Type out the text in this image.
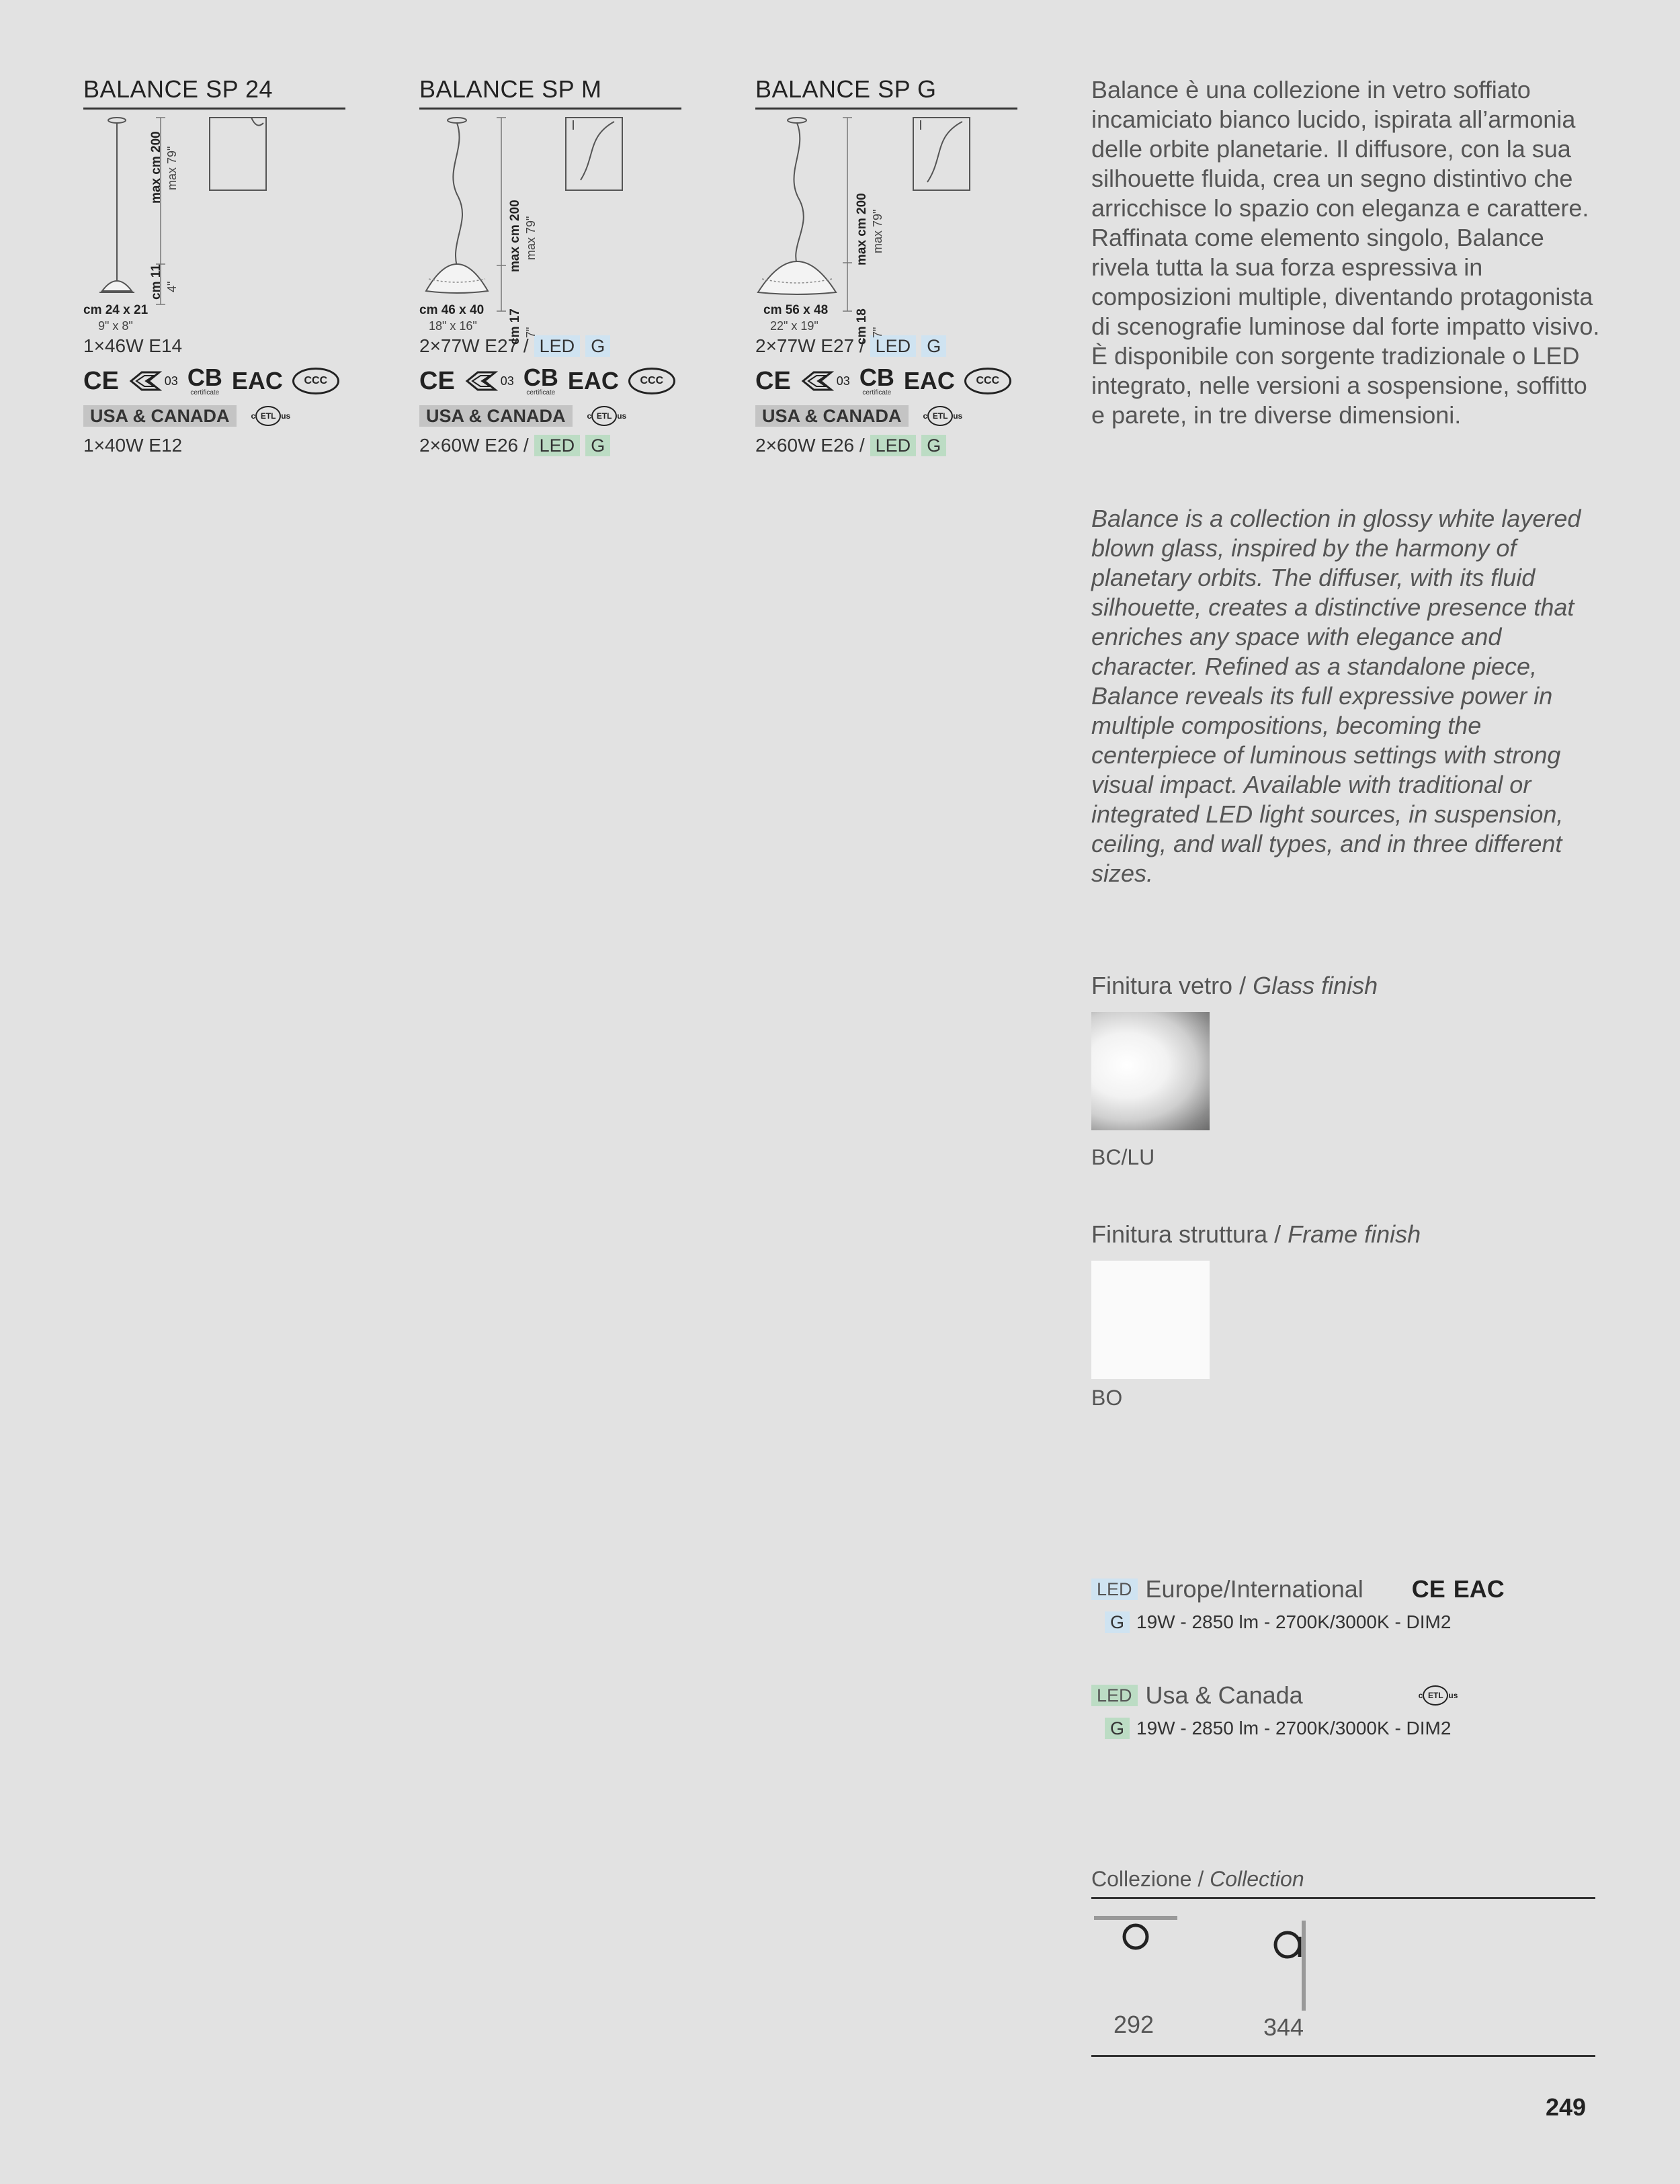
BALANCE SP 24
max cm 200 max 79"
cm 11 4"
cm 24 x 21
9" x 8"
1×46W E14
CE	03 CB
certificate EAC	CCC
USA & CANADA	c ETL us
1×40W E12
BALANCE SP M
max cm 200 max 79"
cm 17 7"
cm 46 x 40
18" x 16"
2×77W E27 / LED G
CE	03 CB
certificate EAC	CCC
USA & CANADA	c ETL us
2×60W E26 / LED G
BALANCE SP G
max cm 200 max 79"
cm 18 7"
cm 56 x 48
22" x 19"
2×77W E27 / LED G
CE	03 CB
certificate EAC	CCC
USA & CANADA	c ETL us
2×60W E26 / LED G

Balance è una collezione in vetro soffiato incamiciato bianco lucido, ispirata all’armonia delle orbite planetarie. Il diffusore, con la sua silhouette fluida, crea un segno distintivo che arricchisce lo spazio con eleganza e carattere. Raffinata come elemento singolo, Balance rivela tutta la sua forza espressiva in composizioni multiple, diventando protagonista di scenografie luminose dal forte impatto visivo. È disponibile con sorgente tradizionale o LED integrato, nelle versioni a sospensione, soffitto e parete, in tre diverse dimensioni.

Balance is a collection in glossy white layered blown glass, inspired by the harmony of planetary orbits. The diffuser, with its fluid silhouette, creates a distinctive presence that enriches any space with elegance and character. Refined as a standalone piece, Balance reveals its full expressive power in multiple compositions, becoming the centerpiece of luminous settings with strong visual impact. Available with traditional or integrated LED light sources, in suspension, ceiling, and wall types, and in three different sizes.

Finitura vetro / Glass finish
BC/LU
Finitura struttura / Frame finish
BO
LED Europe/International CE EAC
G 19W - 2850 lm - 2700K/3000K - DIM2
LED Usa & Canada	c ETL us
G 19W - 2850 lm - 2700K/3000K - DIM2
Collezione / Collection
292	344
249
